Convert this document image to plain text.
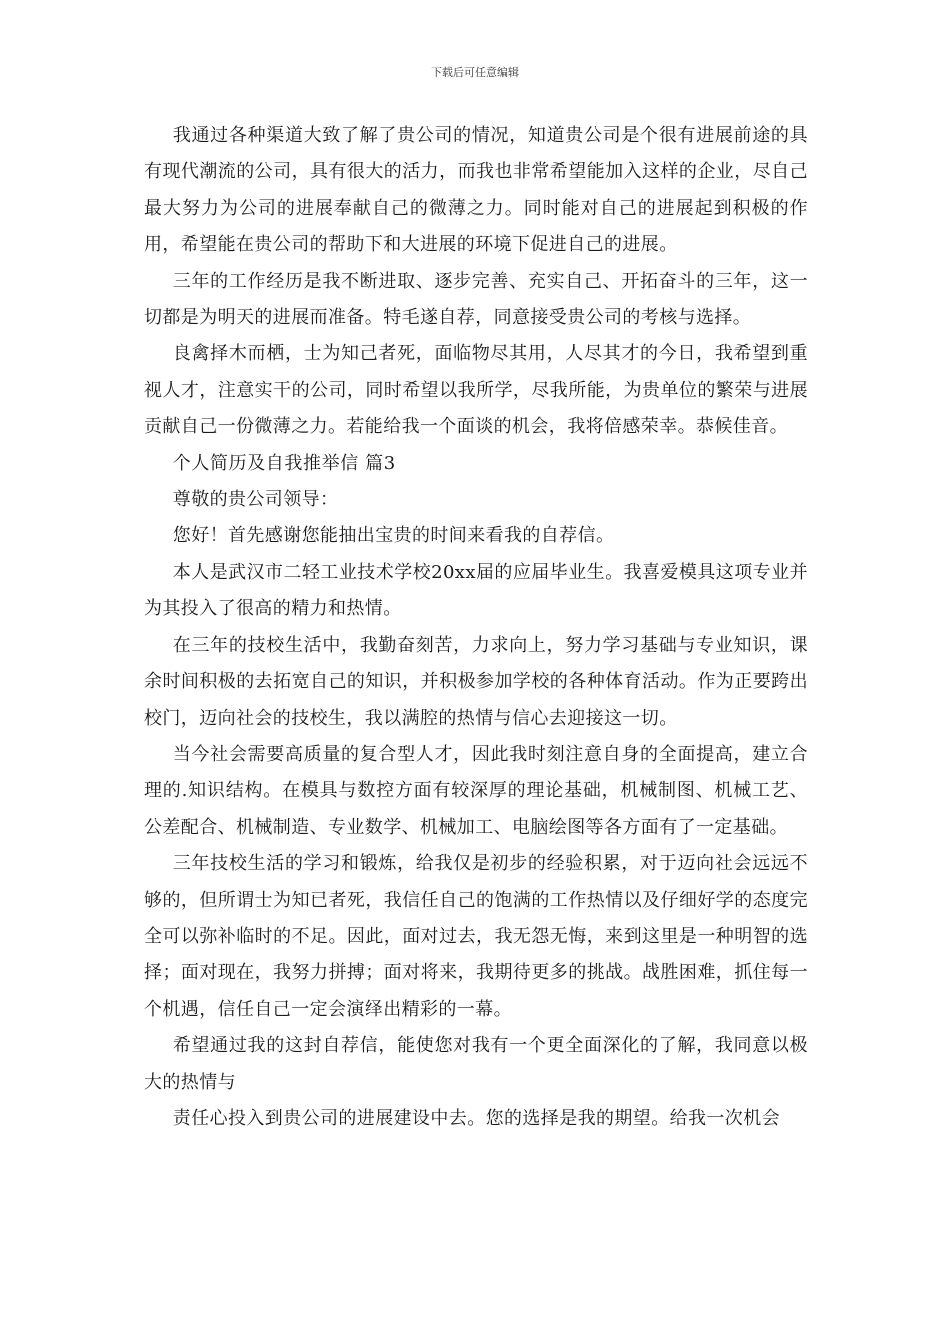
下载后可任意编辑

我通过各种渠道大致了解了贵公司的情况，知道贵公司是个很有进展前途的具有现代潮流的公司，具有很大的活力，而我也非常希望能加入这样的企业，尽自己最大努力为公司的进展奉献自己的微薄之力。同时能对自己的进展起到积极的作用，希望能在贵公司的帮助下和大进展的环境下促进自己的进展。

三年的工作经历是我不断进取、逐步完善、充实自己、开拓奋斗的三年，这一切都是为明天的进展而准备。特毛遂自荐，同意接受贵公司的考核与选择。

良禽择木而栖，士为知己者死，面临物尽其用，人尽其才的今日，我希望到重视人才，注意实干的公司，同时希望以我所学，尽我所能，为贵单位的繁荣与进展贡献自己一份微薄之力。若能给我一个面谈的机会，我将倍感荣幸。恭候佳音。

个人简历及自我推举信 篇3

尊敬的贵公司领导：

您好！首先感谢您能抽出宝贵的时间来看我的自荐信。

本人是武汉市二轻工业技术学校20xx届的应届毕业生。我喜爱模具这项专业并为其投入了很高的精力和热情。

在三年的技校生活中，我勤奋刻苦，力求向上，努力学习基础与专业知识，课余时间积极的去拓宽自己的知识，并积极参加学校的各种体育活动。作为正要跨出校门，迈向社会的技校生，我以满腔的热情与信心去迎接这一切。

当今社会需要高质量的复合型人才，因此我时刻注意自身的全面提高，建立合理的.知识结构。在模具与数控方面有较深厚的理论基础，机械制图、机械工艺、公差配合、机械制造、专业数学、机械加工、电脑绘图等各方面有了一定基础。

三年技校生活的学习和锻炼，给我仅是初步的经验积累，对于迈向社会远远不够的，但所谓士为知已者死，我信任自己的饱满的工作热情以及仔细好学的态度完全可以弥补临时的不足。因此，面对过去，我无怨无悔，来到这里是一种明智的选择；面对现在，我努力拼搏；面对将来，我期待更多的挑战。战胜困难，抓住每一个机遇，信任自己一定会演绎出精彩的一幕。

希望通过我的这封自荐信，能使您对我有一个更全面深化的了解，我同意以极大的热情与

责任心投入到贵公司的进展建设中去。您的选择是我的期望。给我一次机会
